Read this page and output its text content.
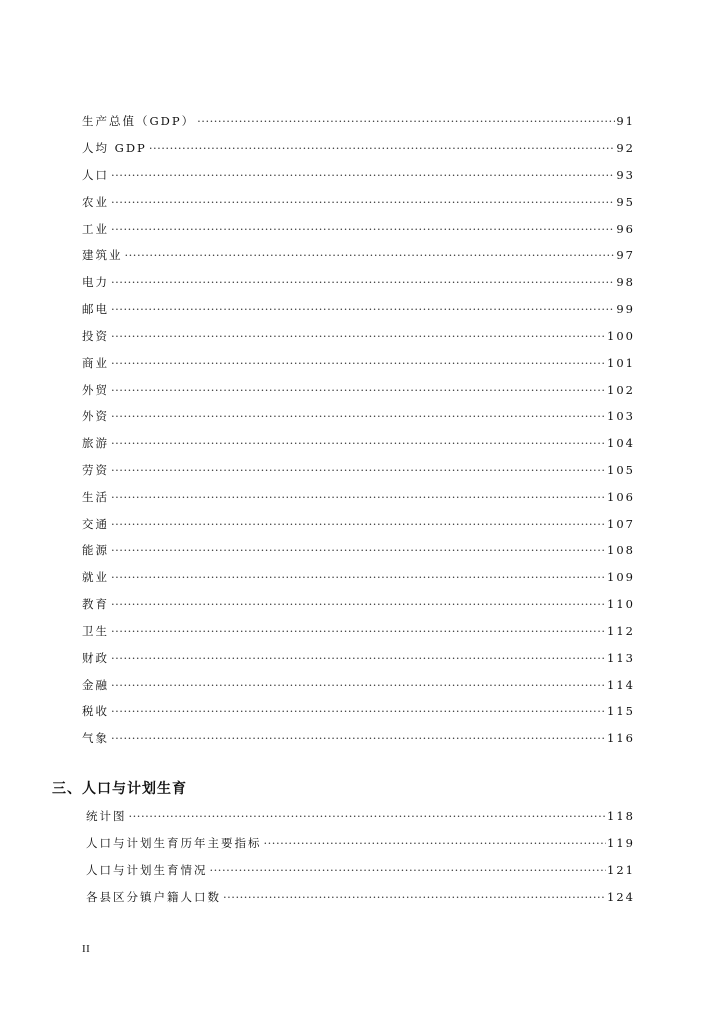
生产总值（GDP） ·····	91
人均 GDP ·····	92
人口 ·····	93
农业 ·····	95
工业 ·····	96
建筑业 ·····	97
电力 ·····	98
邮电 ·····	99
投资 ·····	100
商业 ·····	101
外贸 ·····	102
外资 ·····	103
旅游 ·····	104
劳资 ·····	105
生活 ·····	106
交通 ·····	107
能源 ·····	108
就业 ·····	109
教育 ·····	110
卫生 ·····	112
财政 ·····	113
金融 ·····	114
税收 ·····	115
气象 ·····	116
三、人口与计划生育
统计图 ·····	118
人口与计划生育历年主要指标 ·····	119
人口与计划生育情况 ·····	121
各县区分镇户籍人口数 ·····	124
II
